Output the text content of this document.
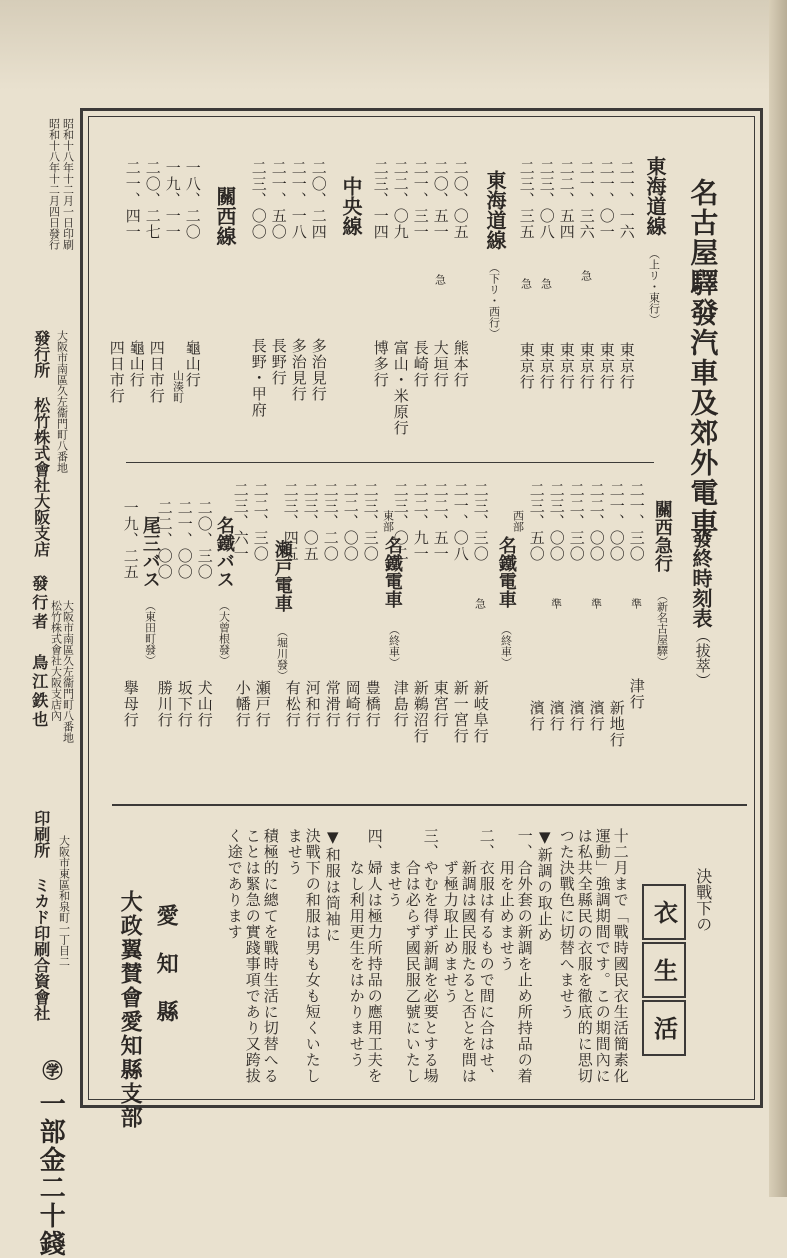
昭和十八年十二月一日印刷
昭和十八年十二月四日發行
大阪市南區久左衞門町八番地
發行所 松竹株式會社大阪支店
大阪市南區久左衞門町八番地
松竹株式會社大阪支店內
發行者 鳥江鉄也
大阪市東區和泉町一丁目二
印刷所 ミカド印刷合資會社
㊫
一部金二十錢
名古屋驛發汽車及郊外電車
發終時刻表
（拔萃）
東海道線
（上リ・東行）
二一、一六
東京行
二一、〇一
東京行
二一、三六
急
東京行
二二、五四
東京行
二三、〇八
急
東京行
二三、三五
急
東京行
東海道線
（下リ・西行）
二〇、〇五
熊本行
二〇、五一
急
大垣行
二一、三一
長崎行
二二、〇九
富山・米原行
二三、一四
博多行
中央線
二〇、二四
多治見行
二一、一八
多治見行
二一、五〇
長野行
二三、〇〇
長野・甲府
關西線
一八、二〇
龜山行
山湊町
一九、一一
四日市行
二〇、二七
龜山行
二一、四一
四日市行
關西急行
（新名古屋驛）
二一、三〇
準
津行
二一、〇〇
新地行
二二、〇〇
準
濱行
二二、三〇
濱行
二三、〇〇
準
濱行
二三、五〇
濱行
西部
名鐵電車
（終車）
二三、三〇
急
新岐阜行
二一、〇八
新一宮行
二二、五一
東宮行
二二、九一
新鵜沼行
二三、〇二
津島行
東部
名鐵電車
（終車）
二三、三〇
豊橋行
二二、〇〇
岡崎行
二三、二〇
常滑行
二三、〇五
河和行
二三、四五
有松行
瀬戸電車
（堀川發）
二二、三〇
瀬戸行
二三、六一
小幡行
名鐵バス
（大曾根發）
二〇、三〇
犬山行
二一、〇〇
坂下行
二二、〇〇
勝川行
尾三バス
（東田町發）
一九、二五
擧母行
決戰下の
衣
生
活
十二月まで「戰時國民衣生活簡素化
運動」強調期間です。この期間內に
は私共全縣民の衣服を徹底的に思切
つた決戰色に切替へませう
▼新調の取止め
一、合外套の新調を止め所持品の着
　　用を止めませう
二、衣服は有るもので間に合はせ、
　　新調は國民服たると否とを問は
　　ず極力取止めませう
三、やむを得ず新調を必要とする場
　　合は必らず國民服乙號にいたし
　　ませう
四、婦人は極力所持品の應用工夫を
　　なし利用更生をはかりませう
▼和服は筒袖に
決戰下の和服は男も女も短くいたし
ませう
積極的に總てを戰時生活に切替へる
ことは緊急の實踐事項であり又跨拔
く途であります
愛　知
大政翼賛會愛知縣支部 縣
